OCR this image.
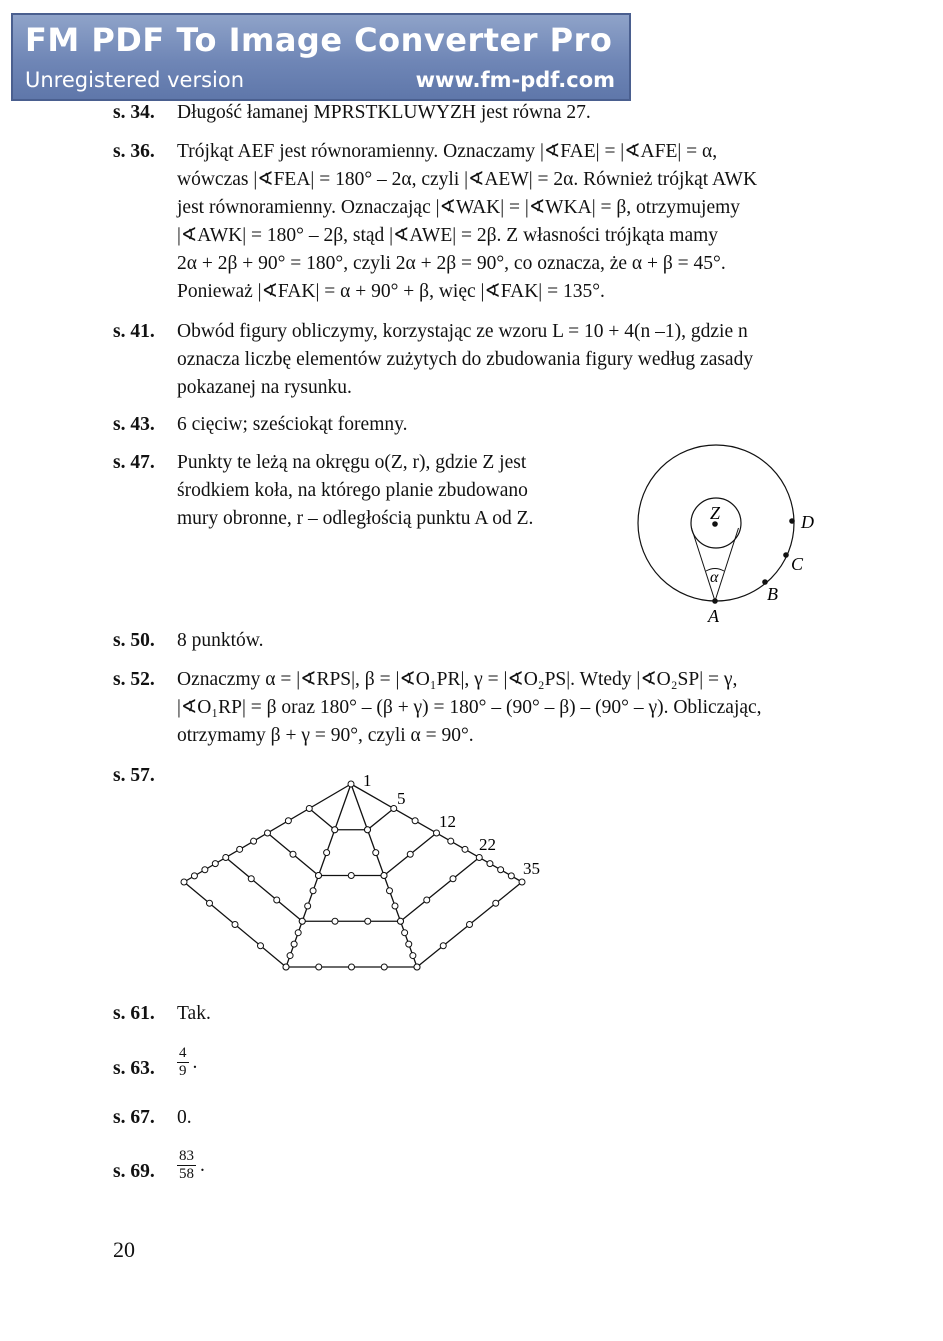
FM PDF To Image Converter Pro
Unregistered version	www.fm-pdf.com
s. 34. Długość łamanej MPRSTKLUWYZH jest równa 27.

s. 36. Trójkąt AEF jest równoramienny. Oznaczamy |∢FAE| = |∢AFE| = α,

wówczas |∢FEA| = 180° – 2α, czyli |∢AEW| = 2α. Również trójkąt AWK

jest równoramienny. Oznaczając |∢WAK| = |∢WKA| = β, otrzymujemy

|∢AWK| = 180° – 2β, stąd |∢AWE| = 2β. Z własności trójkąta mamy

2α + 2β + 90° = 180°, czyli 2α + 2β = 90°, co oznacza, że α + β = 45°.

Ponieważ |∢FAK| = α + 90° + β, więc |∢FAK| = 135°.

s. 41. Obwód figury obliczymy, korzystając ze wzoru L = 10 + 4(n –1), gdzie n

oznacza liczbę elementów zużytych do zbudowania figury według zasady

pokazanej na rysunku.

s. 43. 6 cięciw; sześciokąt foremny.

s. 47. Punkty te leżą na okręgu o(Z, r), gdzie Z jest

środkiem koła, na którego planie zbudowano

mury obronne, r – odległością punktu A od Z.	Z
α
A
B
C
D
s. 50. 8 punktów.

s. 52. Oznaczmy α = |∢RPS|, β = |∢O₁PR|, γ = |∢O₂PS|. Wtedy |∢O₂SP| = γ,

|∢O₁RP| = β oraz 180° – (β + γ) = 180° – (90° – β) – (90° – γ). Obliczając,

otrzymamy β + γ = 90°, czyli α = 90°.

s. 57.	1
5
12
22
35
s. 61. Tak.

s. 63. $\frac{4}{9}$ .
s. 67. 0.

s. 69. $\frac{83}{58}$ .
20
